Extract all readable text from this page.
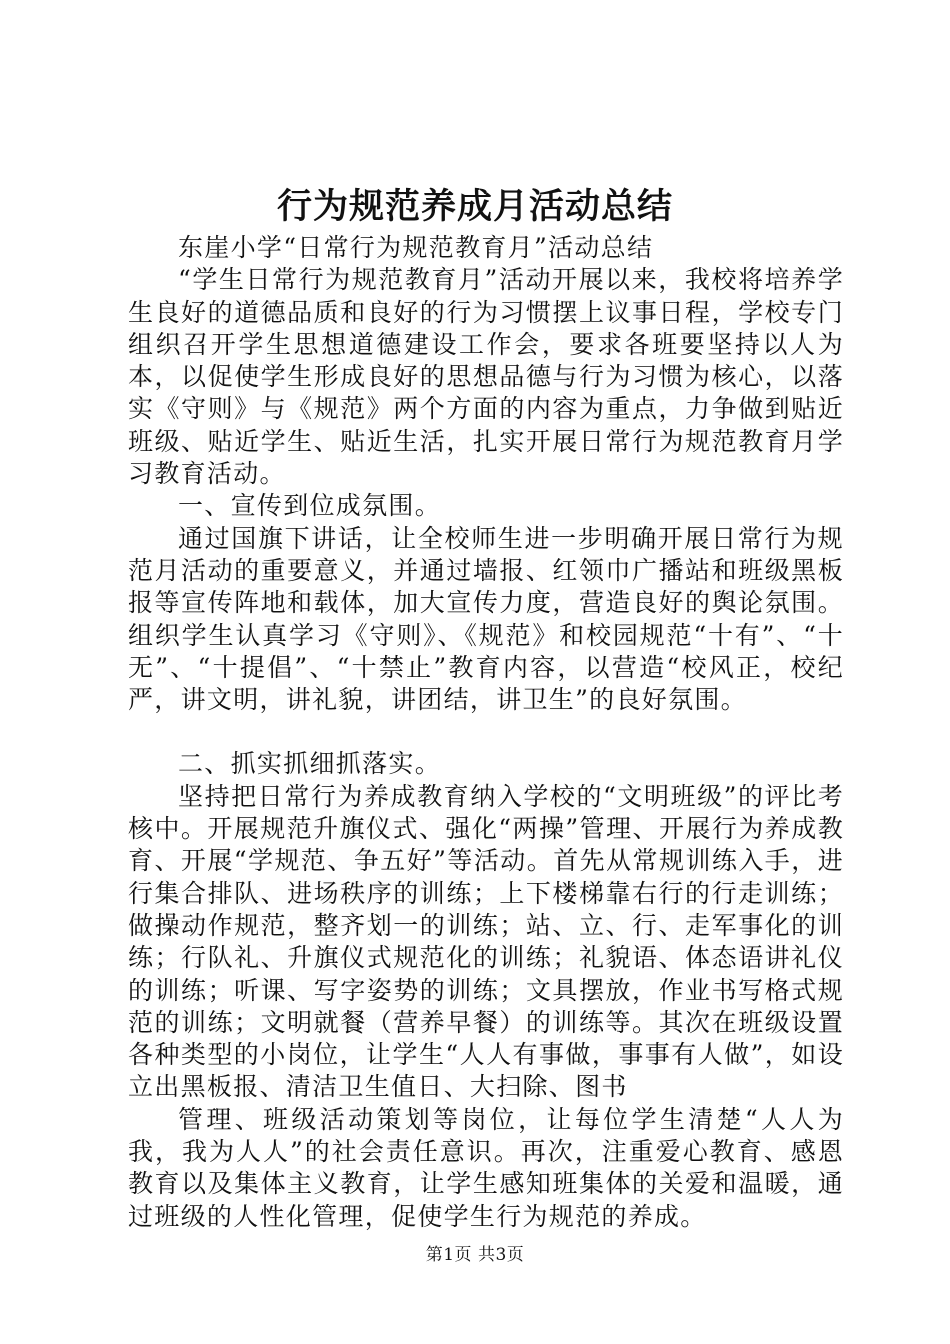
行为规范养成月活动总结

东崖小学“日常行为规范教育月”活动总结

“学生日常行为规范教育月”活动开展以来，我校将培养学生良好的道德品质和良好的行为习惯摆上议事日程，学校专门组织召开学生思想道德建设工作会，要求各班要坚持以人为本，以促使学生形成良好的思想品德与行为习惯为核心，以落实《守则》与《规范》两个方面的内容为重点，力争做到贴近班级、贴近学生、贴近生活，扎实开展日常行为规范教育月学习教育活动。

一、宣传到位成氛围。

通过国旗下讲话，让全校师生进一步明确开展日常行为规范月活动的重要意义，并通过墙报、红领巾广播站和班级黑板报等宣传阵地和载体，加大宣传力度，营造良好的舆论氛围。组织学生认真学习《守则》、《规范》和校园规范“十有”、“十无”、“十提倡”、“十禁止”教育内容，以营造“校风正，校纪严，讲文明，讲礼貌，讲团结，讲卫生”的良好氛围。

二、抓实抓细抓落实。

坚持把日常行为养成教育纳入学校的“文明班级”的评比考核中。开展规范升旗仪式、强化“两操”管理、开展行为养成教育、开展“学规范、争五好”等活动。首先从常规训练入手，进行集合排队、进场秩序的训练；上下楼梯靠右行的行走训练；做操动作规范，整齐划一的训练；站、立、行、走军事化的训练；行队礼、升旗仪式规范化的训练；礼貌语、体态语讲礼仪的训练；听课、写字姿势的训练；文具摆放，作业书写格式规范的训练；文明就餐（营养早餐）的训练等。其次在班级设置各种类型的小岗位，让学生“人人有事做，事事有人做”，如设立出黑板报、清洁卫生值日、大扫除、图书

管理、班级活动策划等岗位，让每位学生清楚“人人为我，我为人人”的社会责任意识。再次，注重爱心教育、感恩教育以及集体主义教育，让学生感知班集体的关爱和温暖，通过班级的人性化管理，促使学生行为规范的养成。

第1页 共3页
